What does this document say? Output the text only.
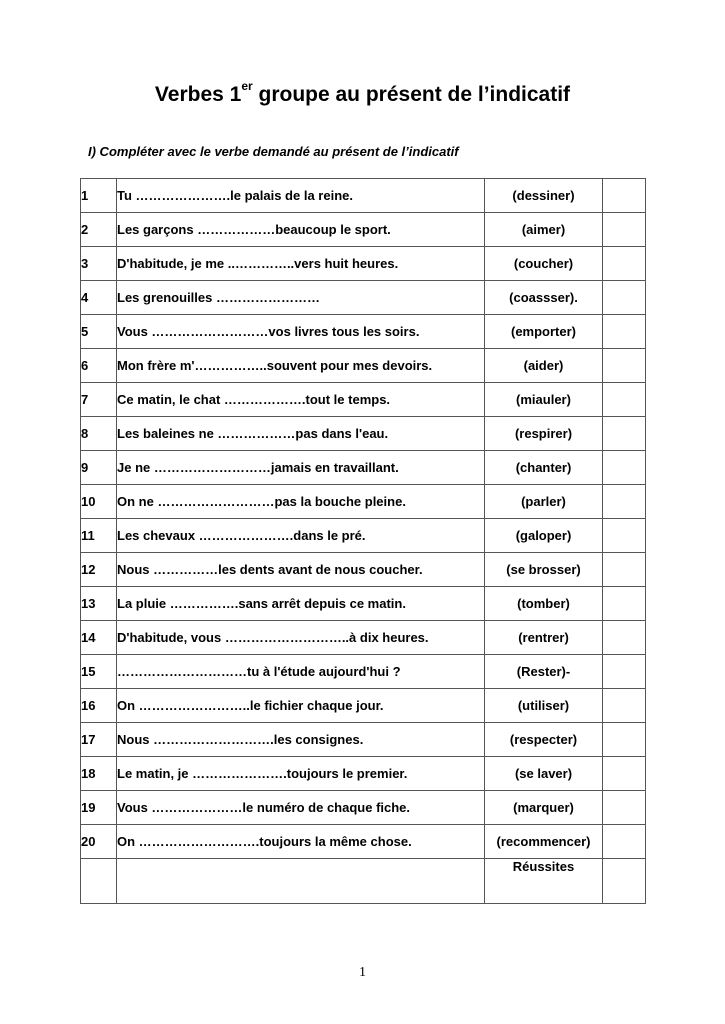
Verbes 1er groupe au présent de l’indicatif
I) Compléter avec le verbe demandé au présent de l’indicatif
1	Tu ………………….le palais de la reine.	(dessiner)	
2	Les garçons ………………beaucoup le sport.	(aimer)	
3	D'habitude, je me ..…………..vers huit heures.	(coucher)	
4	Les grenouilles ……………………	(coassser).	
5	Vous ………………………vos livres tous les soirs.	(emporter)	
6	Mon frère m'……………..souvent pour mes devoirs.	(aider)	
7	Ce matin, le chat ……………….tout le temps.	(miauler)	
8	Les baleines ne ………………pas dans l'eau.	(respirer)	
9	Je ne ………………………jamais en travaillant.	(chanter)	
10	On ne ………………………pas la bouche pleine.	(parler)	
11	Les chevaux ………………….dans le pré.	(galoper)	
12	Nous ……………les dents avant de nous coucher.	(se brosser)	
13	La pluie …………….sans arrêt depuis ce matin.	(tomber)	
14	D'habitude, vous ………………………..à dix heures.	(rentrer)	
15	…………………………tu à l'étude aujourd'hui ?	(Rester)-	
16	On ……………………..le fichier chaque jour.	(utiliser)	
17	Nous ……………………….les consignes.	(respecter)	
18	Le matin, je ………………….toujours le premier.	(se laver)	
19	Vous …………………le numéro de chaque fiche.	(marquer)	
20	On ……………………….toujours la même chose.	(recommencer)	
		Réussites	
1
